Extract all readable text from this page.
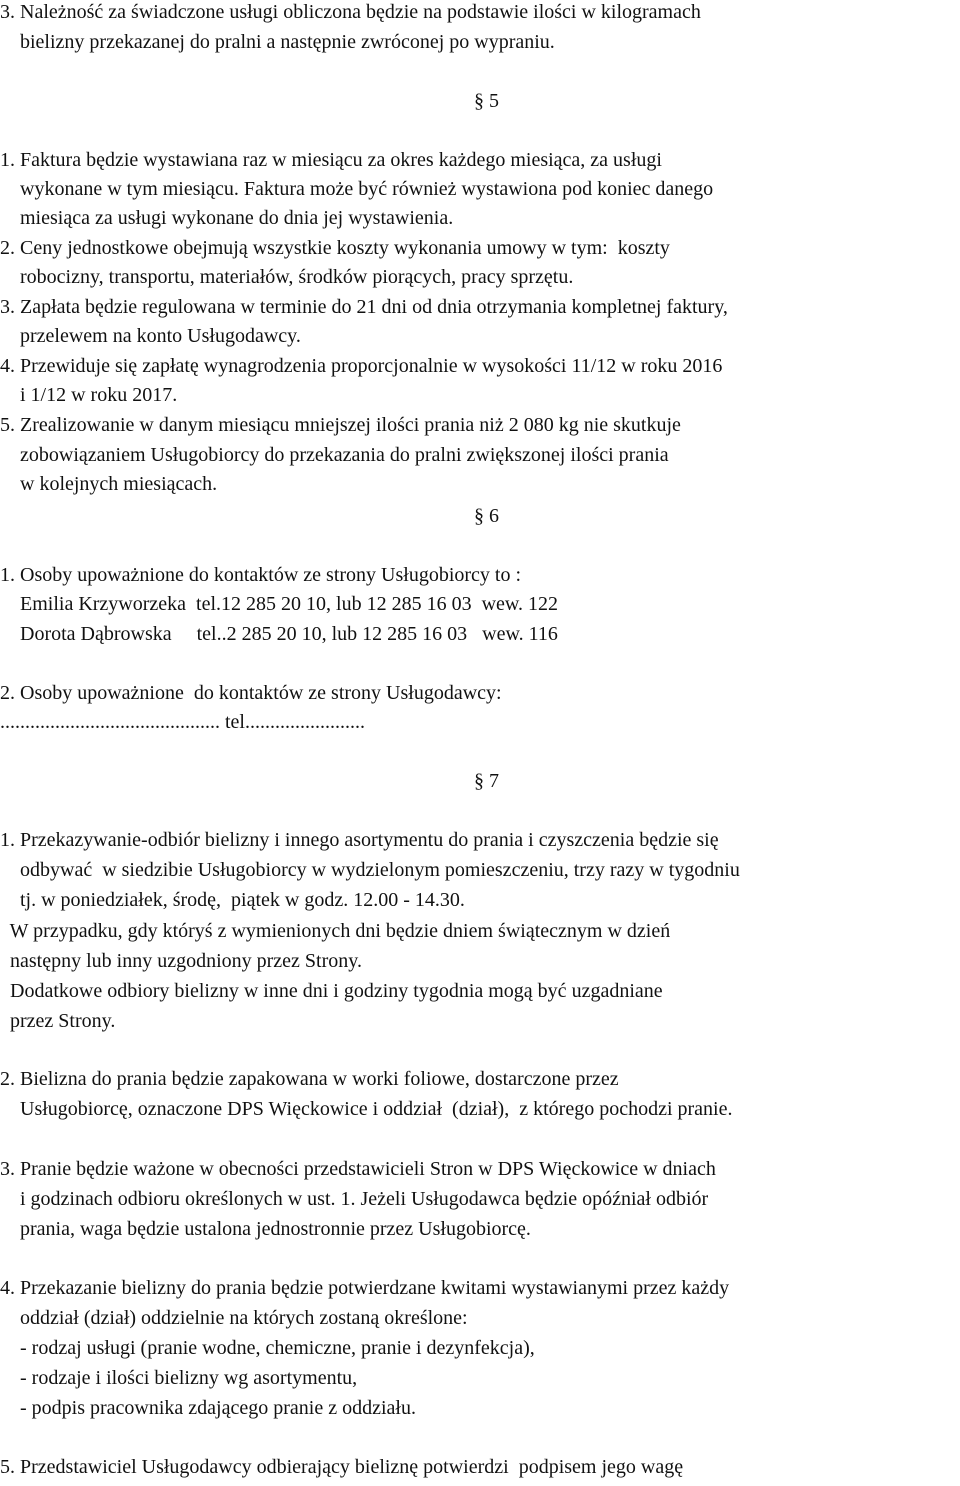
3. Należność za świadczone usługi obliczona będzie na podstawie ilości w kilogramach
bielizny przekazanej do pralni a następnie zwróconej po wypraniu.
§ 5
1. Faktura będzie wystawiana raz w miesiącu za okres każdego miesiąca, za usługi
wykonane w tym miesiącu. Faktura może być również wystawiona pod koniec danego
miesiąca za usługi wykonane do dnia jej wystawienia.
2. Ceny jednostkowe obejmują wszystkie koszty wykonania umowy w tym:  koszty
robocizny, transportu, materiałów, środków piorących, pracy sprzętu.
3. Zapłata będzie regulowana w terminie do 21 dni od dnia otrzymania kompletnej faktury,
przelewem na konto Usługodawcy.
4. Przewiduje się zapłatę wynagrodzenia proporcjonalnie w wysokości 11/12 w roku 2016
i 1/12 w roku 2017.
5. Zrealizowanie w danym miesiącu mniejszej ilości prania niż 2 080 kg nie skutkuje
zobowiązaniem Usługobiorcy do przekazania do pralni zwiększonej ilości prania
w kolejnych miesiącach.
§ 6
1. Osoby upoważnione do kontaktów ze strony Usługobiorcy to :
Emilia Krzyworzeka  tel.12 285 20 10, lub 12 285 16 03  wew. 122
Dorota Dąbrowska     tel..2 285 20 10, lub 12 285 16 03   wew. 116
2. Osoby upoważnione  do kontaktów ze strony Usługodawcy:
............................................ tel........................
§ 7
1. Przekazywanie-odbiór bielizny i innego asortymentu do prania i czyszczenia będzie się
odbywać  w siedzibie Usługobiorcy w wydzielonym pomieszczeniu, trzy razy w tygodniu
tj. w poniedziałek, środę,  piątek w godz. 12.00 - 14.30.
W przypadku, gdy któryś z wymienionych dni będzie dniem świątecznym w dzień
następny lub inny uzgodniony przez Strony.
Dodatkowe odbiory bielizny w inne dni i godziny tygodnia mogą być uzgadniane
przez Strony.
2. Bielizna do prania będzie zapakowana w worki foliowe, dostarczone przez
Usługobiorcę, oznaczone DPS Więckowice i oddział  (dział),  z którego pochodzi pranie.
3. Pranie będzie ważone w obecności przedstawicieli Stron w DPS Więckowice w dniach
i godzinach odbioru określonych w ust. 1. Jeżeli Usługodawca będzie opóźniał odbiór
prania, waga będzie ustalona jednostronnie przez Usługobiorcę.
4. Przekazanie bielizny do prania będzie potwierdzane kwitami wystawianymi przez każdy
oddział (dział) oddzielnie na których zostaną określone:
- rodzaj usługi (pranie wodne, chemiczne, pranie i dezynfekcja),
- rodzaje i ilości bielizny wg asortymentu,
- podpis pracownika zdającego pranie z oddziału.
5. Przedstawiciel Usługodawcy odbierający bieliznę potwierdzi  podpisem jego wagę
